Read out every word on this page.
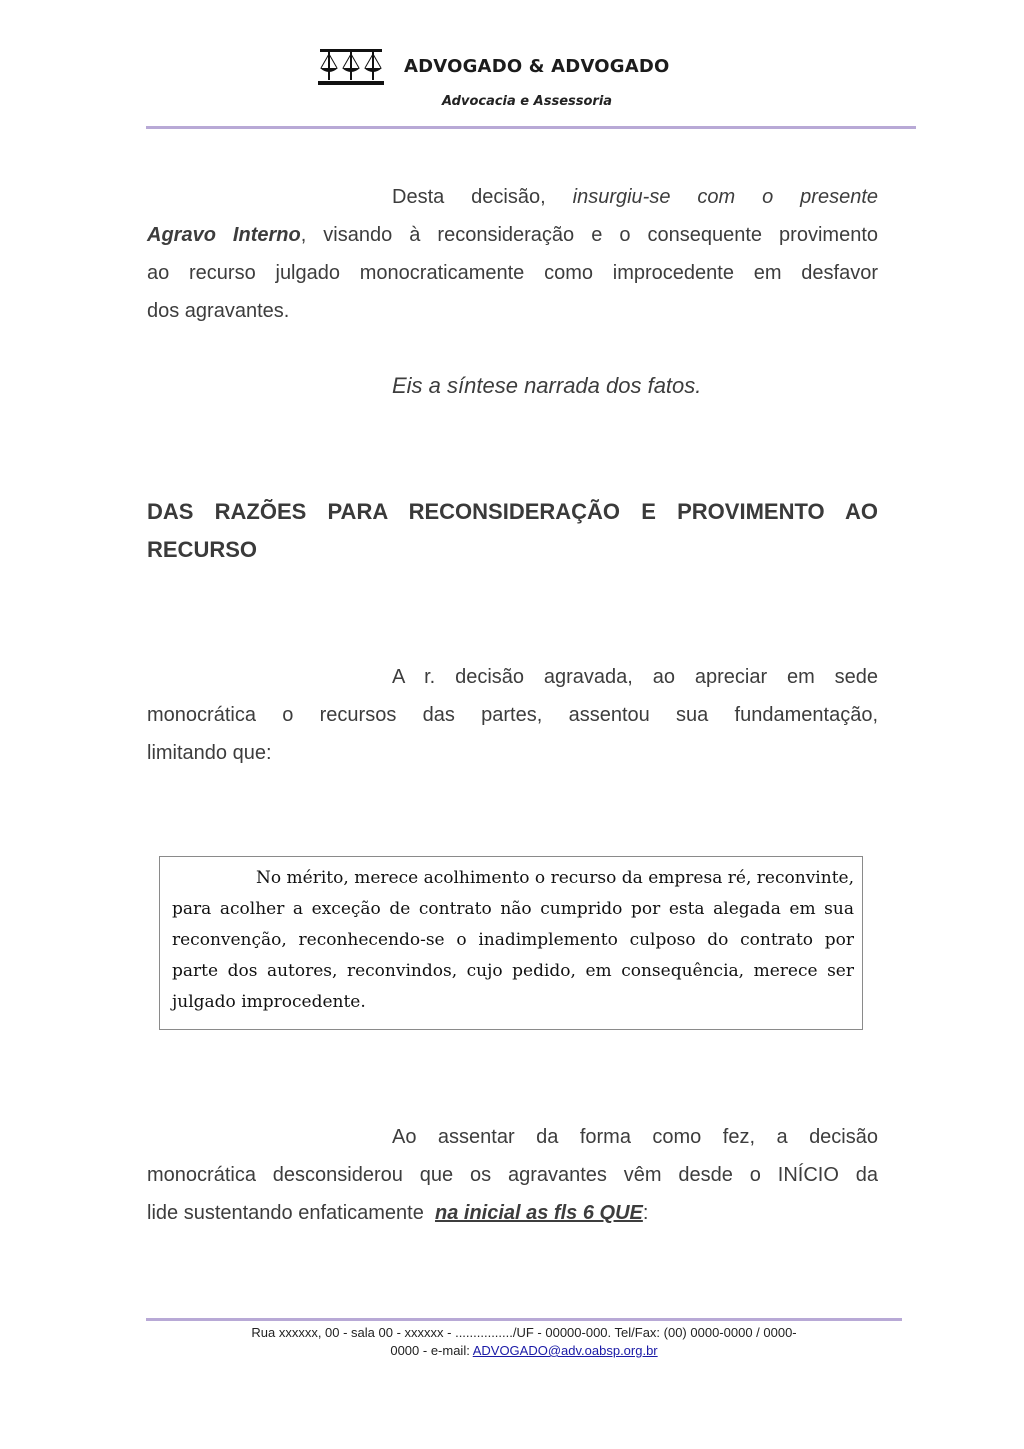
ADVOGADO & ADVOGADO
Advocacia e Assessoria
Desta decisão, insurgiu-se com o presente
Agravo Interno, visando à reconsideração e o consequente provimento
ao recurso julgado monocraticamente como improcedente em desfavor
dos agravantes.
Eis a síntese narrada dos fatos.
DAS RAZÕES PARA RECONSIDERAÇÃO E PROVIMENTO AO
RECURSO
A r. decisão agravada, ao apreciar em sede
monocrática o recursos das partes, assentou sua fundamentação,
limitando que:
No mérito, merece acolhimento o recurso da empresa ré, reconvinte,
para acolher a exceção de contrato não cumprido por esta alegada em sua
reconvenção, reconhecendo-se o inadimplemento culposo do contrato por
parte dos autores, reconvindos, cujo pedido, em consequência, merece ser
julgado improcedente.
Ao assentar da forma como fez, a decisão
monocrática desconsiderou que os agravantes vêm desde o INÍCIO da
lide sustentando enfaticamente na inicial as fls 6 QUE:
Rua xxxxxx, 00 - sala 00 - xxxxxx - ................/UF - 00000-000. Tel/Fax: (00) 0000-0000 / 0000-
0000 - e-mail: ADVOGADO@adv.oabsp.org.br
